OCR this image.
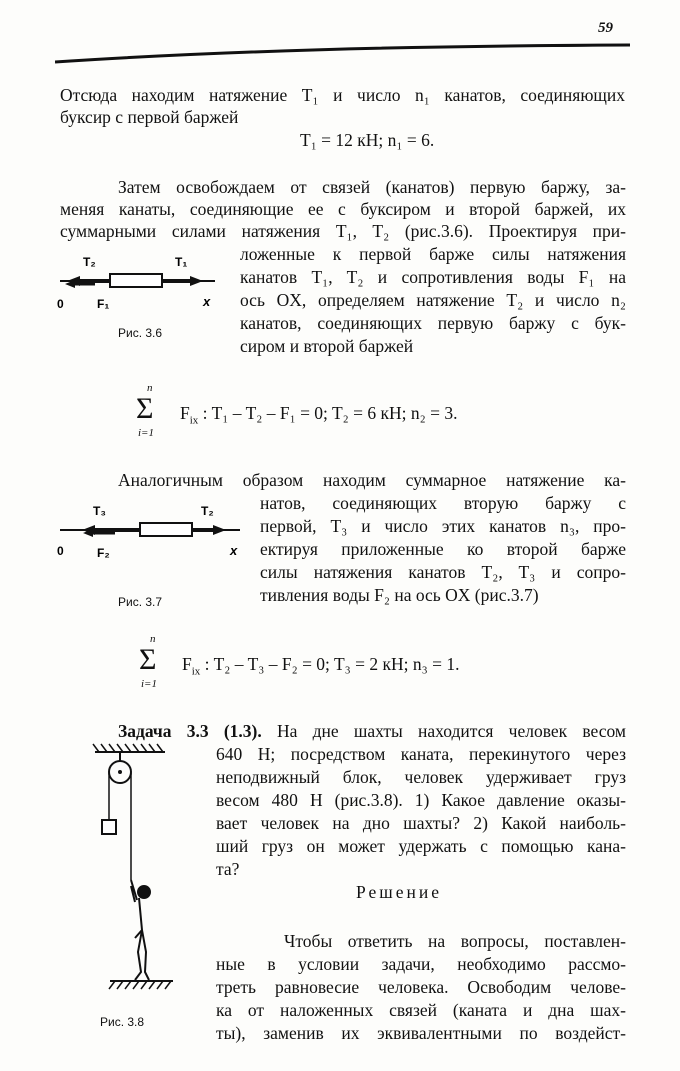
59
Отсюда находим натяжение T₁ и число n₁ канатов, соединяющих
буксир с первой баржей
T₁ = 12 кН; n₁ = 6.
Затем освобождаем от связей (канатов) первую баржу, за-
меняя канаты, соединяющие ее с буксиром и второй баржей, их
суммарными силами натяжения T₁, T₂ (рис.3.6). Проектируя при-
ложенные к первой барже силы натяжения
канатов T₁, T₂ и сопротивления воды F₁ на
ось OX, определяем натяжение T₂ и число n₂
канатов, соединяющих первую баржу с бук-
сиром и второй баржей
T₂	T₁
0	F₁	x
Рис. 3.6
n
Σ
i=1
$F_{ix}$ : T₁ – T₂ – F₁ = 0; T₂ = 6 кН; n₂ = 3.
Аналогичным образом находим суммарное натяжение ка-
натов, соединяющих вторую баржу с
первой, T₃ и число этих канатов n₃, про-
ектируя приложенные ко второй барже
силы натяжения канатов T₂, T₃ и сопро-
тивления воды F₂ на ось OX (рис.3.7)
T₃	T₂
0	F₂	x
Рис. 3.7
n
Σ
i=1
$F_{ix}$ : T₂ – T₃ – F₂ = 0; T₃ = 2 кН; n₃ = 1.
Задача 3.3 (1.3). На дне шахты находится человек весом
640 Н; посредством каната, перекинутого через
неподвижный блок, человек удерживает груз
весом 480 Н (рис.3.8). 1) Какое давление оказы-
вает человек на дно шахты? 2) Какой наиболь-
ший груз он может удержать с помощью кана-
та?
Решение
Чтобы ответить на вопросы, поставлен-
ные в условии задачи, необходимо рассмо-
треть равновесие человека. Освободим челове-
ка от наложенных связей (каната и дна шах-
ты), заменив их эквивалентными по воздейст-
Рис. 3.8
